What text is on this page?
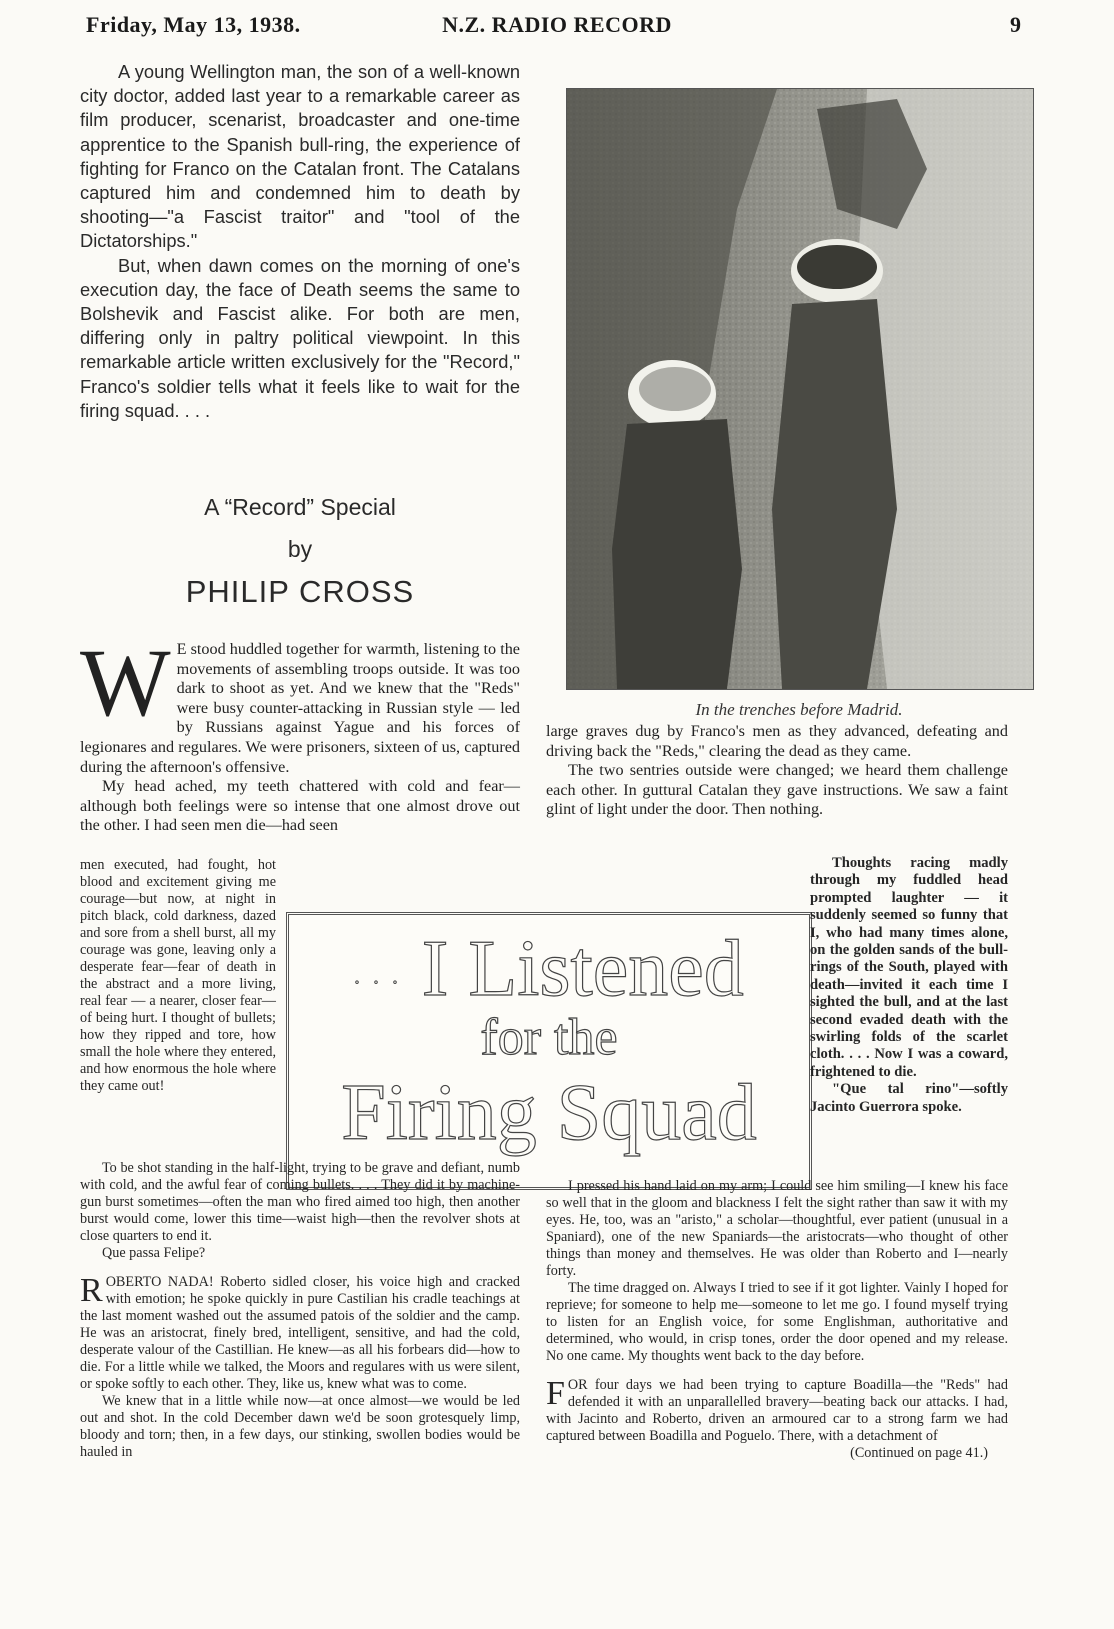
Friday, May 13, 1938.	N.Z. RADIO RECORD	9

A young Wellington man, the son of a well-known city doctor, added last year to a remarkable career as film producer, scenarist, broadcaster and one-time apprentice to the Spanish bull-ring, the experience of fighting for Franco on the Catalan front. The Catalans captured him and condemned him to death by shooting—"a Fascist traitor" and "tool of the Dictatorships."

But, when dawn comes on the morning of one's execution day, the face of Death seems the same to Bolshevik and Fascist alike. For both are men, differing only in paltry political viewpoint. In this remarkable article written exclusively for the "Record," Franco's soldier tells what it feels like to wait for the firing squad. . . .

A “Record” Special
by
PHILIP CROSS
In the trenches before Madrid.
W E stood huddled together for warmth, listening to the movements of assembling troops outside. It was too dark to shoot as yet. And we knew that the "Reds" were busy counter-attacking in Russian style — led by Russians against Yague and his forces of legionares and regulares. We were prisoners, sixteen of us, captured during the afternoon's offensive.

My head ached, my teeth chattered with cold and fear—although both feelings were so intense that one almost drove out the other. I had seen men die—had seen

men executed, had fought, hot blood and excitement giving me courage—but now, at night in pitch black, cold darkness, dazed and sore from a shell burst, all my courage was gone, leaving only a desperate fear—fear of death in the abstract and a more living, real fear — a nearer, closer fear—of being hurt. I thought of bullets; how they ripped and tore, how small the hole where they entered, and how enormous the hole where they came out!

. . . I Listened
for the
Firing Squad

To be shot standing in the half-light, trying to be grave and defiant, numb with cold, and the awful fear of coming bullets. . . . They did it by machine-gun burst sometimes—often the man who fired aimed too high, then another burst would come, lower this time—waist high—then the revolver shots at close quarters to end it.

Que passa Felipe?

R OBERTO NADA! Roberto sidled closer, his voice high and cracked with emotion; he spoke quickly in pure Castilian his cradle teachings at the last moment washed out the assumed patois of the soldier and the camp. He was an aristocrat, finely bred, intelligent, sensitive, and had the cold, desperate valour of the Castillian. He knew—as all his forbears did—how to die. For a little while we talked, the Moors and regulares with us were silent, or spoke softly to each other. They, like us, knew what was to come.

We knew that in a little while now—at once almost—we would be led out and shot. In the cold December dawn we'd be soon grotesquely limp, bloody and torn; then, in a few days, our stinking, swollen bodies would be hauled in

large graves dug by Franco's men as they advanced, defeating and driving back the "Reds," clearing the dead as they came.

The two sentries outside were changed; we heard them challenge each other. In guttural Catalan they gave instructions. We saw a faint glint of light under the door. Then nothing.

Thoughts racing madly through my fuddled head prompted laughter — it suddenly seemed so funny that I, who had many times alone, on the golden sands of the bull-rings of the South, played with death—invited it each time I sighted the bull, and at the last second evaded death with the swirling folds of the scarlet cloth. . . . Now I was a coward, frightened to die.

"Que tal rino"—softly Jacinto Guerrora spoke.

I pressed his hand laid on my arm; I could see him smiling—I knew his face so well that in the gloom and blackness I felt the sight rather than saw it with my eyes. He, too, was an "aristo," a scholar—thoughtful, ever patient (unusual in a Spaniard), one of the new Spaniards—the aristocrats—who thought of other things than money and themselves. He was older than Roberto and I—nearly forty.

The time dragged on. Always I tried to see if it got lighter. Vainly I hoped for reprieve; for someone to help me—someone to let me go. I found myself trying to listen for an English voice, for some Englishman, authoritative and determined, who would, in crisp tones, order the door opened and my release. No one came. My thoughts went back to the day before.

F OR four days we had been trying to capture Boadilla—the "Reds" had defended it with an unparallelled bravery—beating back our attacks. I had, with Jacinto and Roberto, driven an armoured car to a strong farm we had captured between Boadilla and Poguelo. There, with a detachment of

(Continued on page 41.)
